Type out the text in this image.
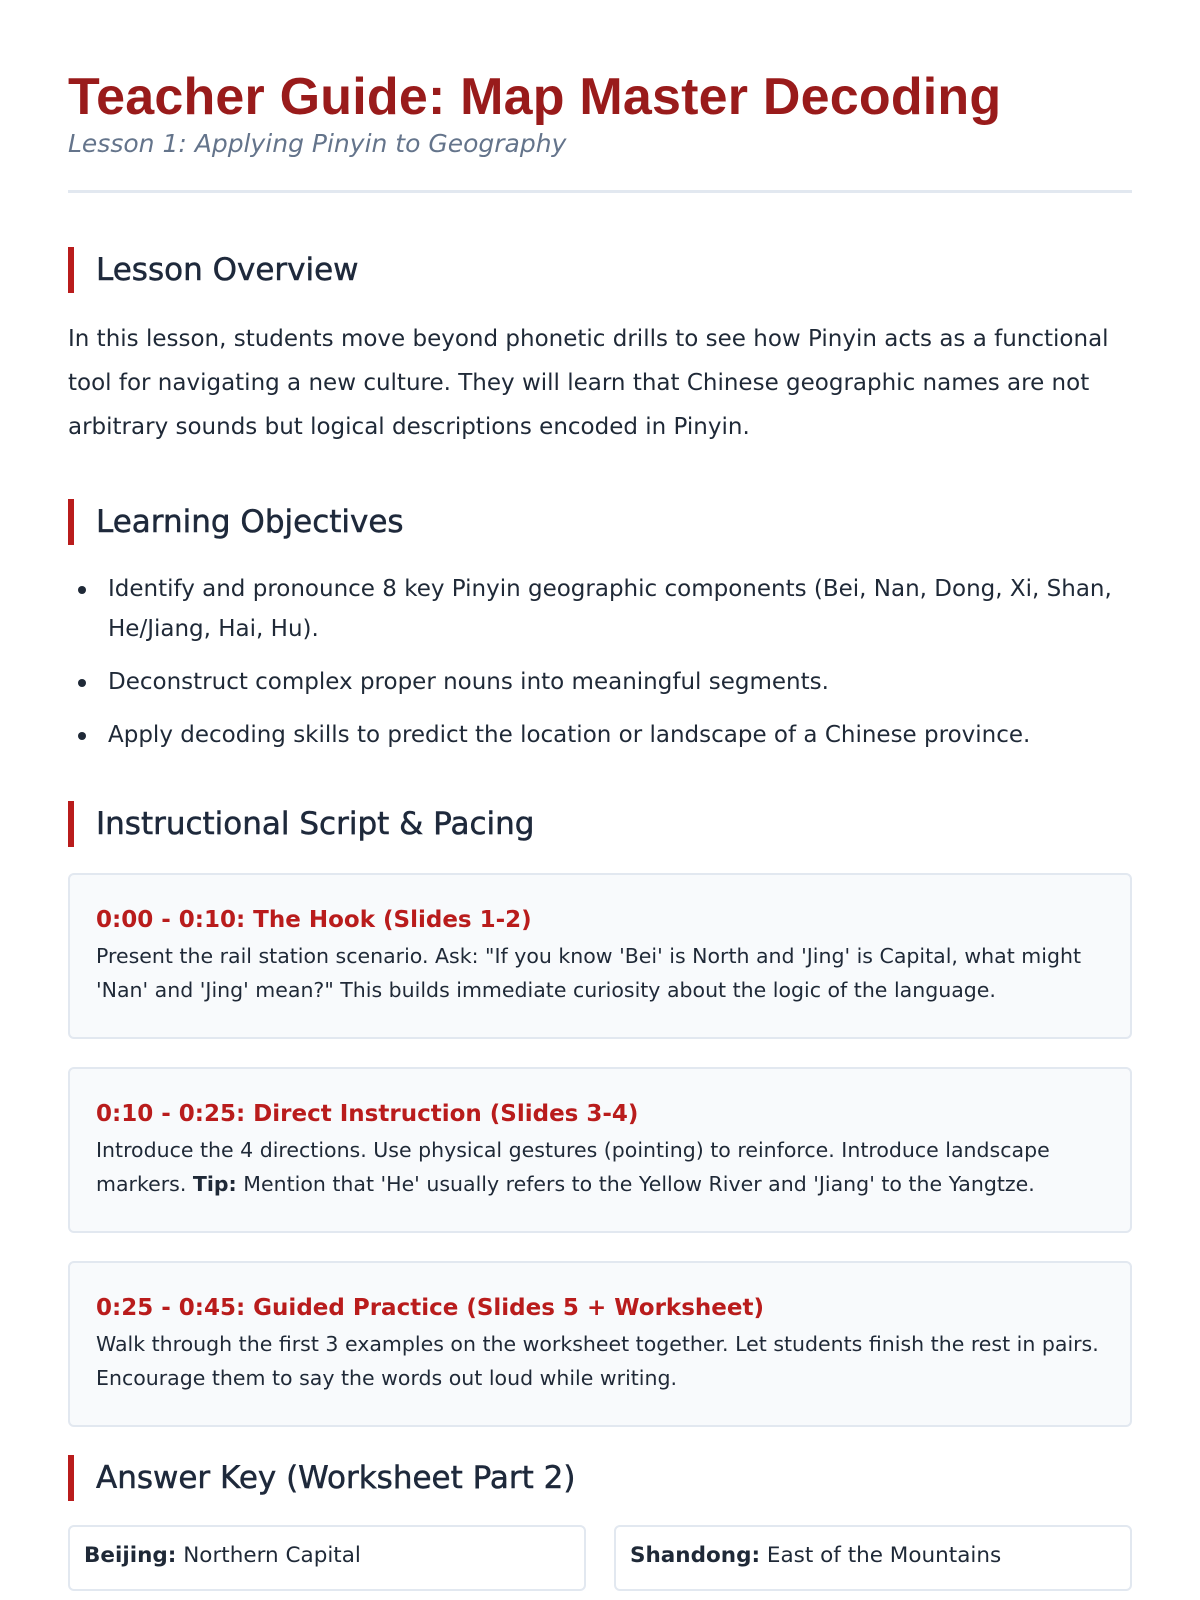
Teacher Guide: Map Master Decoding
Lesson 1: Applying Pinyin to Geography
Lesson Overview

In this lesson, students move beyond phonetic drills to see how Pinyin acts as a functional tool for navigating a new culture. They will learn that Chinese geographic names are not arbitrary sounds but logical descriptions encoded in Pinyin.

Learning Objectives
Identify and pronounce 8 key Pinyin geographic components (Bei, Nan, Dong, Xi, Shan, He/Jiang, Hai, Hu).
Deconstruct complex proper nouns into meaningful segments.
Apply decoding skills to predict the location or landscape of a Chinese province.
Instructional Script & Pacing
0:00 - 0:10: The Hook (Slides 1-2)
Present the rail station scenario. Ask: "If you know 'Bei' is North and 'Jing' is Capital, what might 'Nan' and 'Jing' mean?" This builds immediate curiosity about the logic of the language.
0:10 - 0:25: Direct Instruction (Slides 3-4)
Introduce the 4 directions. Use physical gestures (pointing) to reinforce. Introduce landscape markers. Tip: Mention that 'He' usually refers to the Yellow River and 'Jiang' to the Yangtze.
0:25 - 0:45: Guided Practice (Slides 5 + Worksheet)
Walk through the first 3 examples on the worksheet together. Let students finish the rest in pairs. Encourage them to say the words out loud while writing.
Answer Key (Worksheet Part 2)
Beijing: Northern Capital	Shandong: East of the Mountains
